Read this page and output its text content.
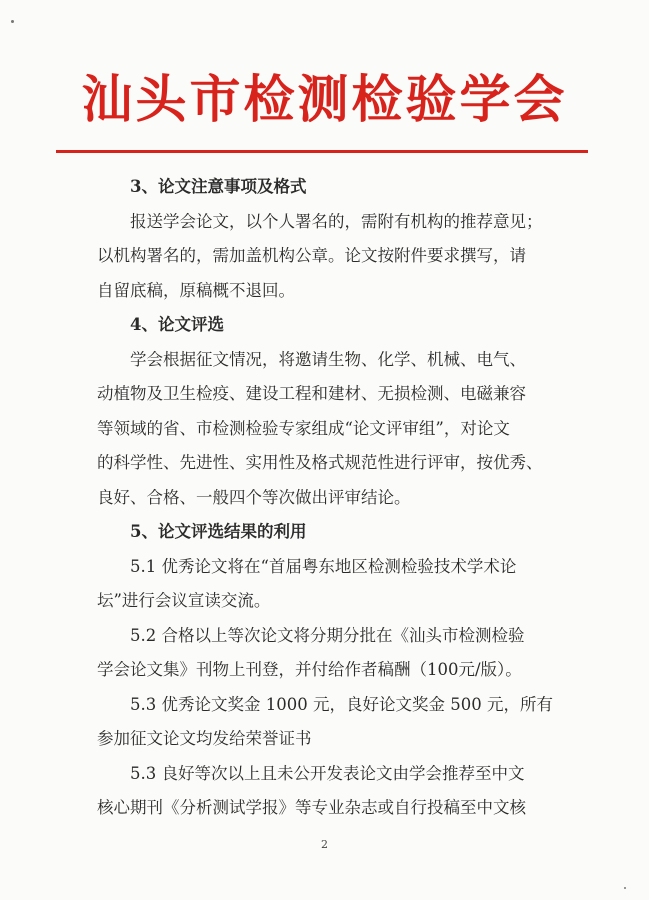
汕头市检测检验学会
3、论文注意事项及格式
报送学会论文，以个人署名的，需附有机构的推荐意见；
以机构署名的，需加盖机构公章。论文按附件要求撰写，请
自留底稿，原稿概不退回。
4、论文评选
学会根据征文情况，将邀请生物、化学、机械、电气、
动植物及卫生检疫、建设工程和建材、无损检测、电磁兼容
等领域的省、市检测检验专家组成“论文评审组”，对论文
的科学性、先进性、实用性及格式规范性进行评审，按优秀、
良好、合格、一般四个等次做出评审结论。
5、论文评选结果的利用
5.1 优秀论文将在“首届粤东地区检测检验技术学术论
坛”进行会议宣读交流。
5.2 合格以上等次论文将分期分批在《汕头市检测检验
学会论文集》刊物上刊登，并付给作者稿酬（100元/版）。
5.3 优秀论文奖金 1000 元，良好论文奖金 500 元，所有
参加征文论文均发给荣誉证书
5.3 良好等次以上且未公开发表论文由学会推荐至中文
核心期刊《分析测试学报》等专业杂志或自行投稿至中文核
2
